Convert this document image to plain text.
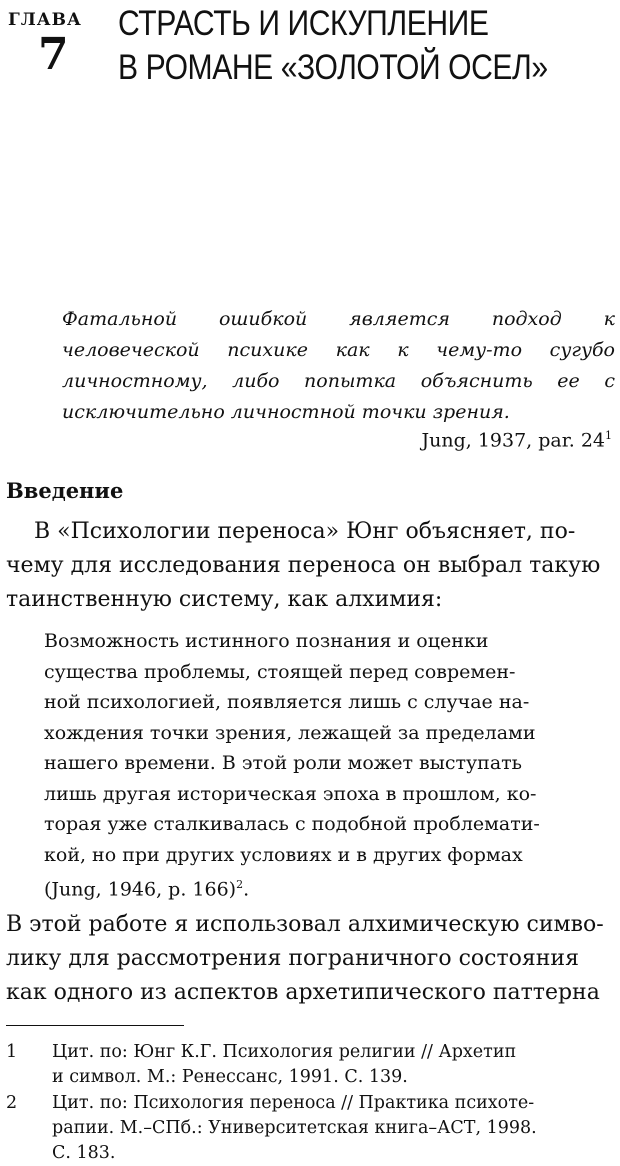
ГЛАВА
7
СТРАСТЬ И ИСКУПЛЕНИЕ
В РОМАНЕ «ЗОЛОТОЙ ОСЕЛ»
Фатальной ошибкой является подход к человеческой психике как к чему-то сугубо личностному, либо попытка объяснить ее с исключительно личностной точки зрения.
Jung, 1937, par. $24^1$
Введение
В «Психологии переноса» Юнг объясняет, по-
чему для исследования переноса он выбрал такую
таинственную систему, как алхимия:
Возможность истинного познания и оценки
существа проблемы, стоящей перед современ-
ной психологией, появляется лишь с случае на-
хождения точки зрения, лежащей за пределами
нашего времени. В этой роли может выступать
лишь другая историческая эпоха в прошлом, ко-
торая уже сталкивалась с подобной проблемати-
кой, но при других условиях и в других формах
(Jung, 1946, p. 166)$^2$.
В этой работе я использовал алхимическую симво-
лику для рассмотрения пограничного состояния
как одного из аспектов архетипического паттерна
1 Цит. по: Юнг К.Г. Психология религии // Архетип
и символ. М.: Ренессанс, 1991. С. 139.
2 Цит. по: Психология переноса // Практика психоте-
рапии. М.–СПб.: Университетская книга–АСТ, 1998.
С. 183.
